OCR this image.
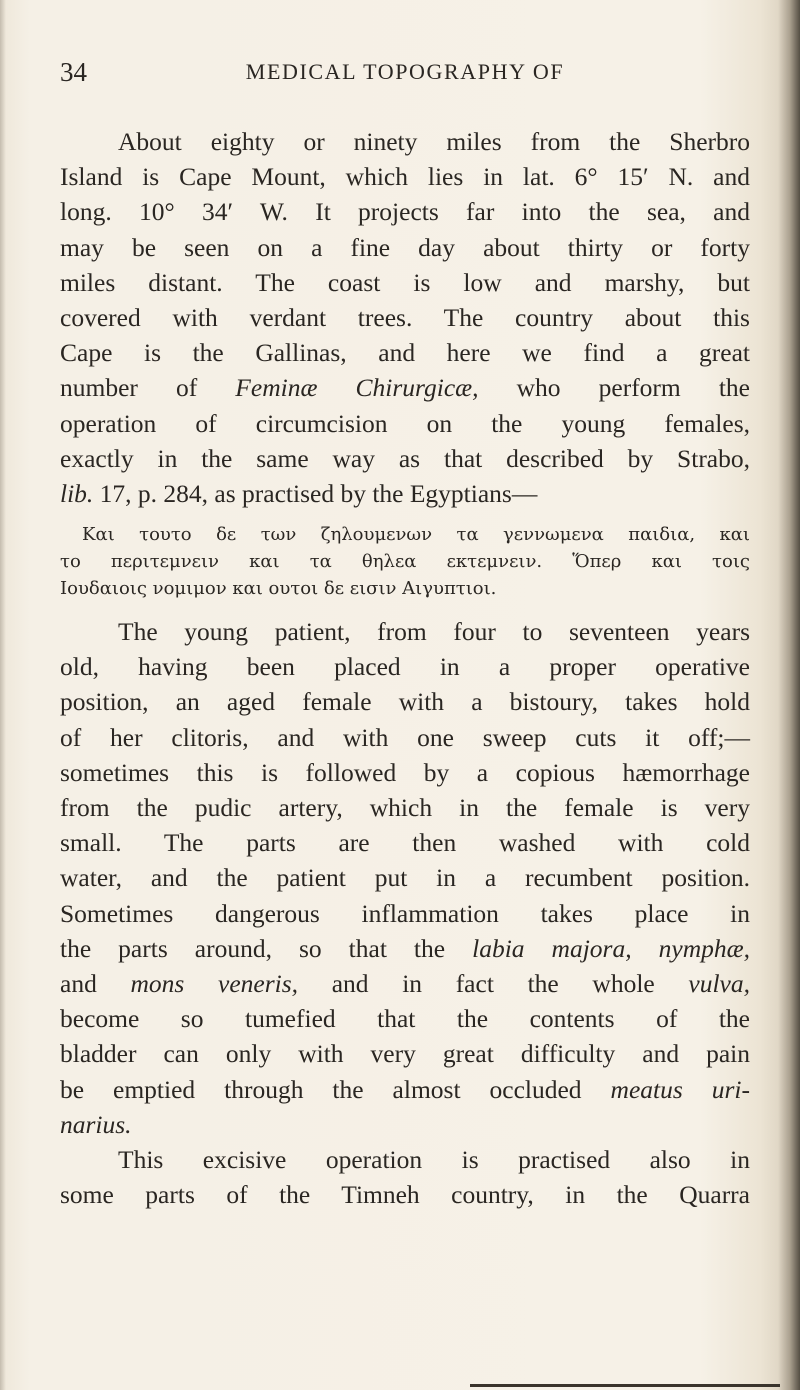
34	MEDICAL TOPOGRAPHY OF
About eighty or ninety miles from the Sherbro
Island is Cape Mount, which lies in lat. 6° 15′ N. and
long. 10° 34′ W. It projects far into the sea, and
may be seen on a fine day about thirty or forty
miles distant. The coast is low and marshy, but
covered with verdant trees. The country about this
Cape is the Gallinas, and here we find a great
number of Feminæ Chirurgicæ, who perform the
operation of circumcision on the young females,
exactly in the same way as that described by Strabo,
lib. 17, p. 284, as practised by the Egyptians—
Και τουτο δε των ζηλουμενων τα γεννωμενα παιδια, και
το περιτεμνειν και τα θηλεα εκτεμνειν. Ὅπερ και τοις
Ιουδαιοις νομιμον και ουτοι δε εισιν Αιγυπτιοι.
The young patient, from four to seventeen years
old, having been placed in a proper operative
position, an aged female with a bistoury, takes hold
of her clitoris, and with one sweep cuts it off;—
sometimes this is followed by a copious hæmorrhage
from the pudic artery, which in the female is very
small. The parts are then washed with cold
water, and the patient put in a recumbent position.
Sometimes dangerous inflammation takes place in
the parts around, so that the labia majora, nymphæ,
and mons veneris, and in fact the whole vulva,
become so tumefied that the contents of the
bladder can only with very great difficulty and pain
be emptied through the almost occluded meatus uri-
narius.
This excisive operation is practised also in
some parts of the Timneh country, in the Quarra
